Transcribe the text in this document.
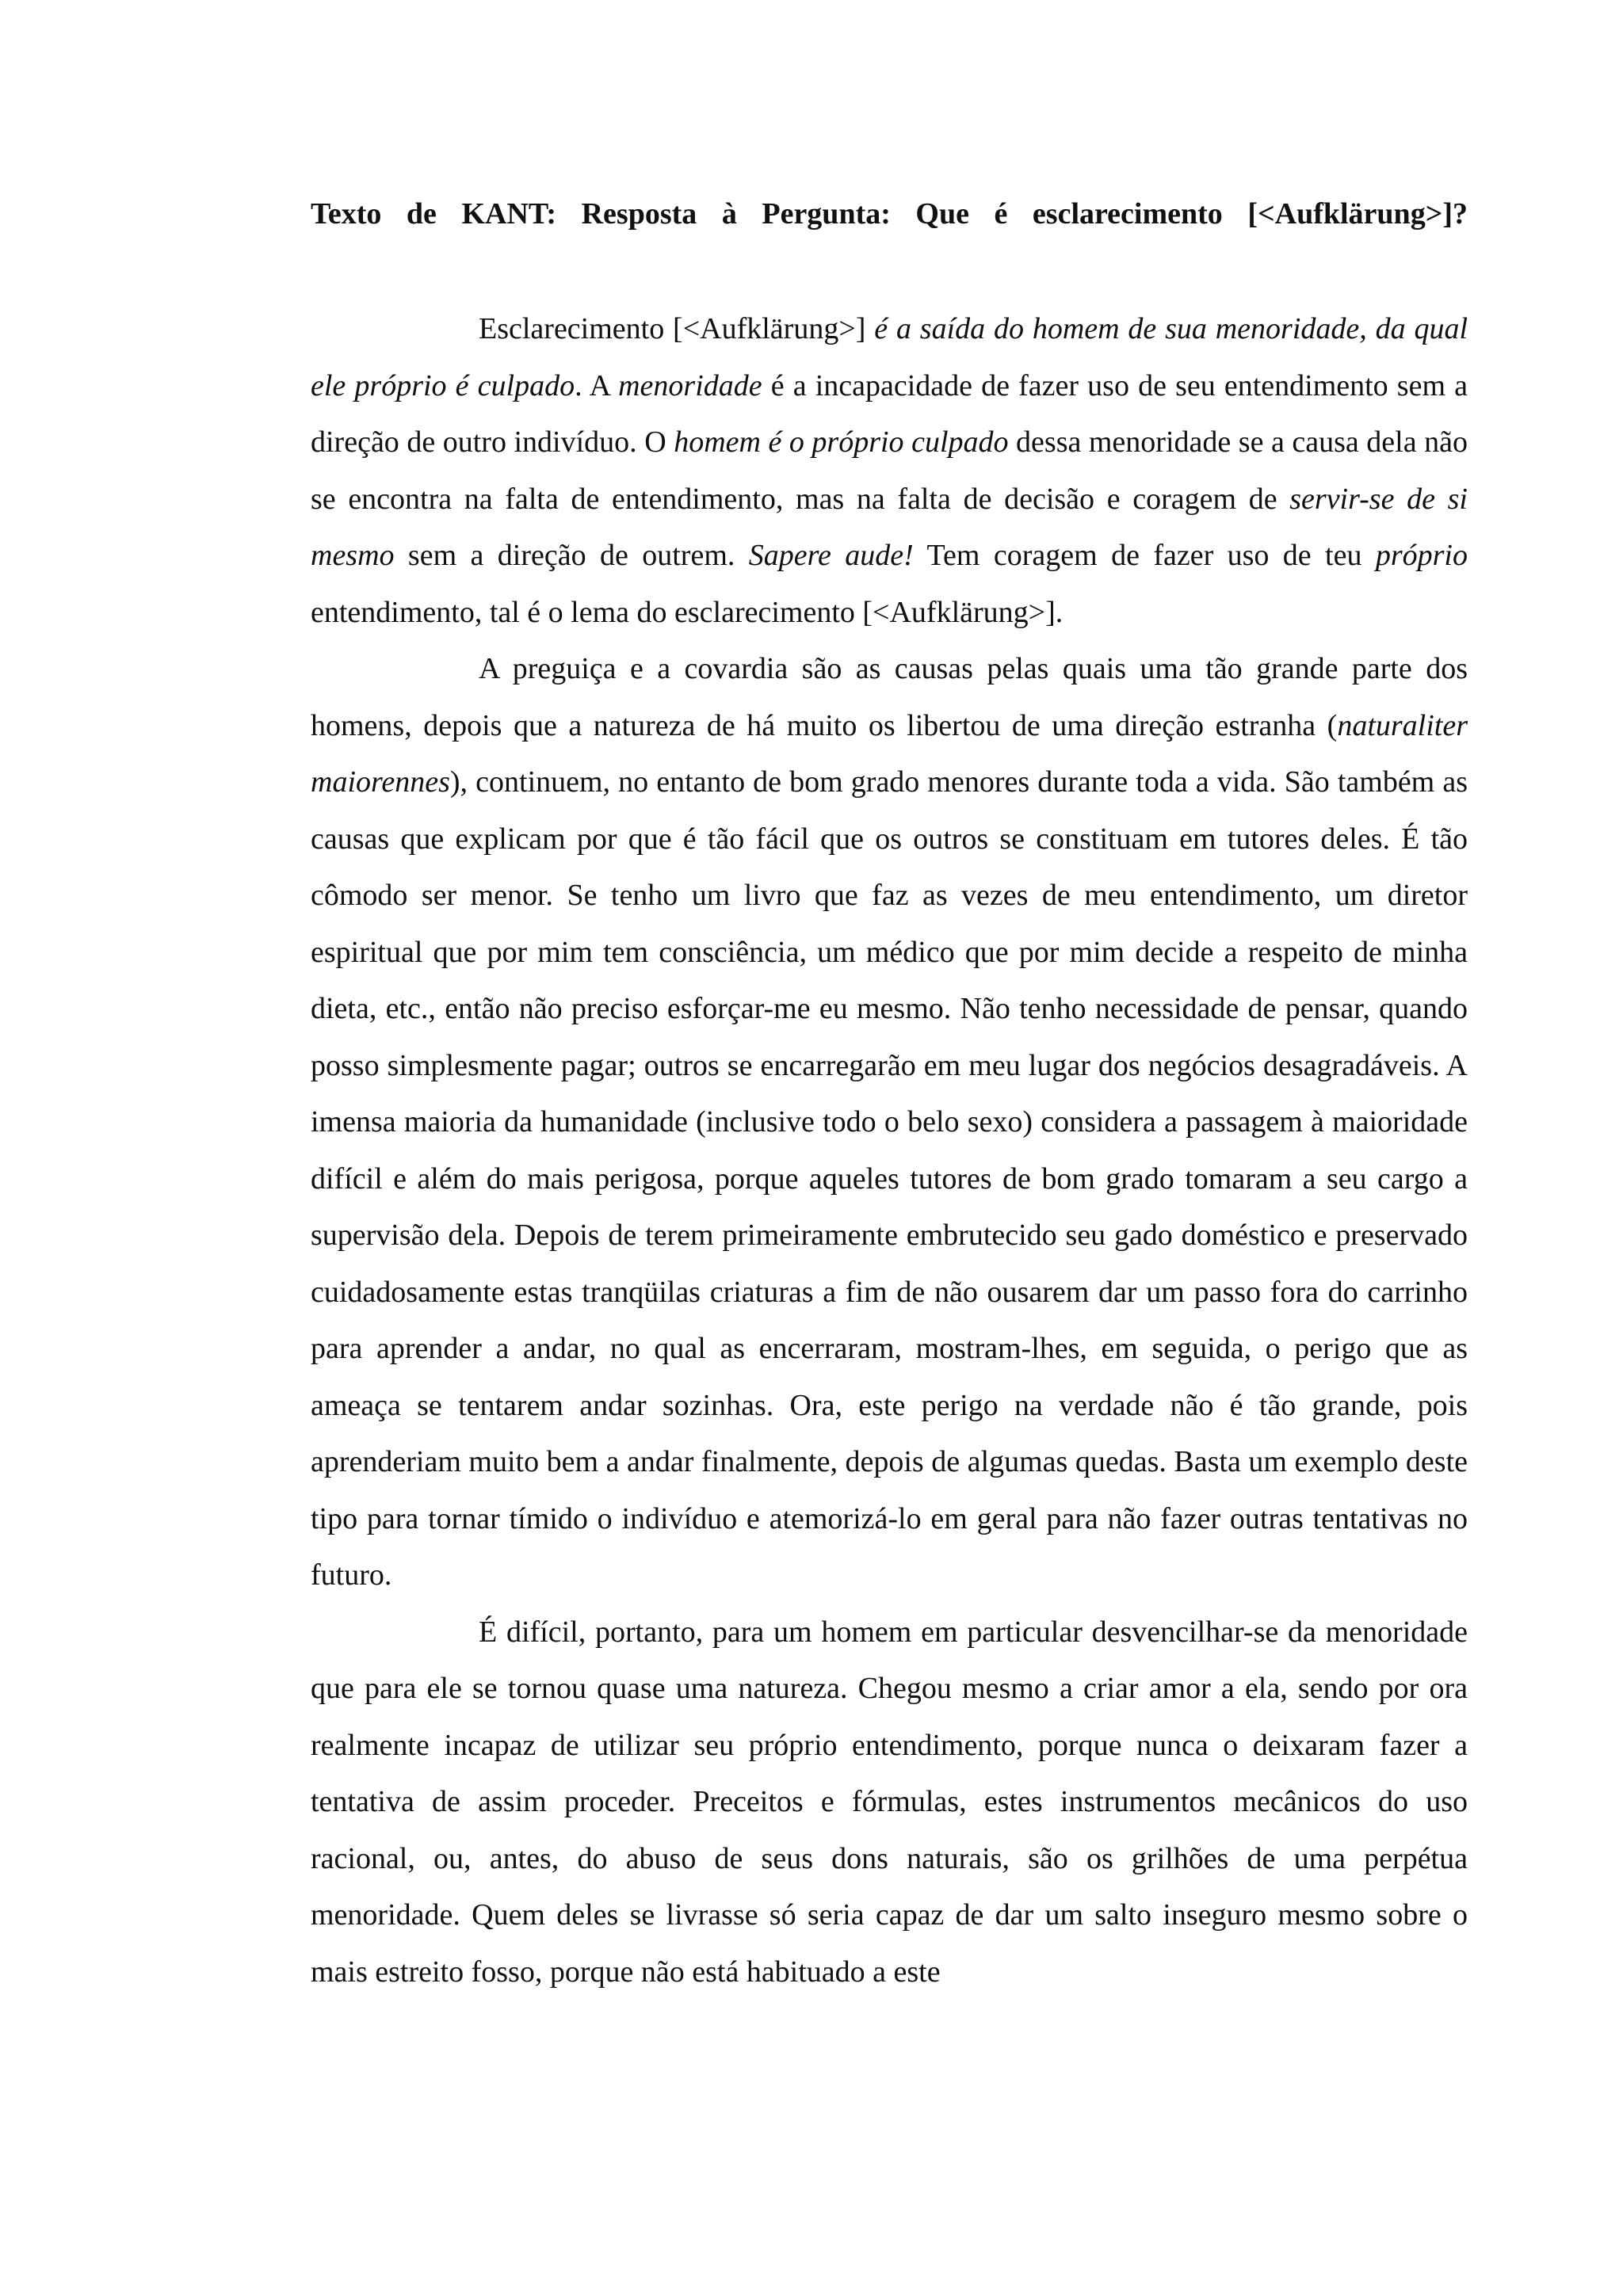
Texto de KANT: Resposta à Pergunta: Que é esclarecimento [<Aufklärung>]?

Esclarecimento [<Aufklärung>] é a saída do homem de sua menoridade, da qual ele próprio é culpado. A menoridade é a incapacidade de fazer uso de seu entendimento sem a direção de outro indivíduo. O homem é o próprio culpado dessa menoridade se a causa dela não se encontra na falta de entendimento, mas na falta de decisão e coragem de servir-se de si mesmo sem a direção de outrem. Sapere aude! Tem coragem de fazer uso de teu próprio entendimento, tal é o lema do esclarecimento [<Aufklärung>].

A preguiça e a covardia são as causas pelas quais uma tão grande parte dos homens, depois que a natureza de há muito os libertou de uma direção estranha (naturaliter maiorennes), continuem, no entanto de bom grado menores durante toda a vida. São também as causas que explicam por que é tão fácil que os outros se constituam em tutores deles. É tão cômodo ser menor. Se tenho um livro que faz as vezes de meu entendimento, um diretor espiritual que por mim tem consciência, um médico que por mim decide a respeito de minha dieta, etc., então não preciso esforçar-me eu mesmo. Não tenho necessidade de pensar, quando posso simplesmente pagar; outros se encarregarão em meu lugar dos negócios desagradáveis. A imensa maioria da humanidade (inclusive todo o belo sexo) considera a passagem à maioridade difícil e além do mais perigosa, porque aqueles tutores de bom grado tomaram a seu cargo a supervisão dela. Depois de terem primeiramente embrutecido seu gado doméstico e preservado cuidadosamente estas tranqüilas criaturas a fim de não ousarem dar um passo fora do carrinho para aprender a andar, no qual as encerraram, mostram-lhes, em seguida, o perigo que as ameaça se tentarem andar sozinhas. Ora, este perigo na verdade não é tão grande, pois aprenderiam muito bem a andar finalmente, depois de algumas quedas. Basta um exemplo deste tipo para tornar tímido o indivíduo e atemorizá-lo em geral para não fazer outras tentativas no futuro.

É difícil, portanto, para um homem em particular desvencilhar-se da menoridade que para ele se tornou quase uma natureza. Chegou mesmo a criar amor a ela, sendo por ora realmente incapaz de utilizar seu próprio entendimento, porque nunca o deixaram fazer a tentativa de assim proceder. Preceitos e fórmulas, estes instrumentos mecânicos do uso racional, ou, antes, do abuso de seus dons naturais, são os grilhões de uma perpétua menoridade. Quem deles se livrasse só seria capaz de dar um salto inseguro mesmo sobre o mais estreito fosso, porque não está habituado a este
